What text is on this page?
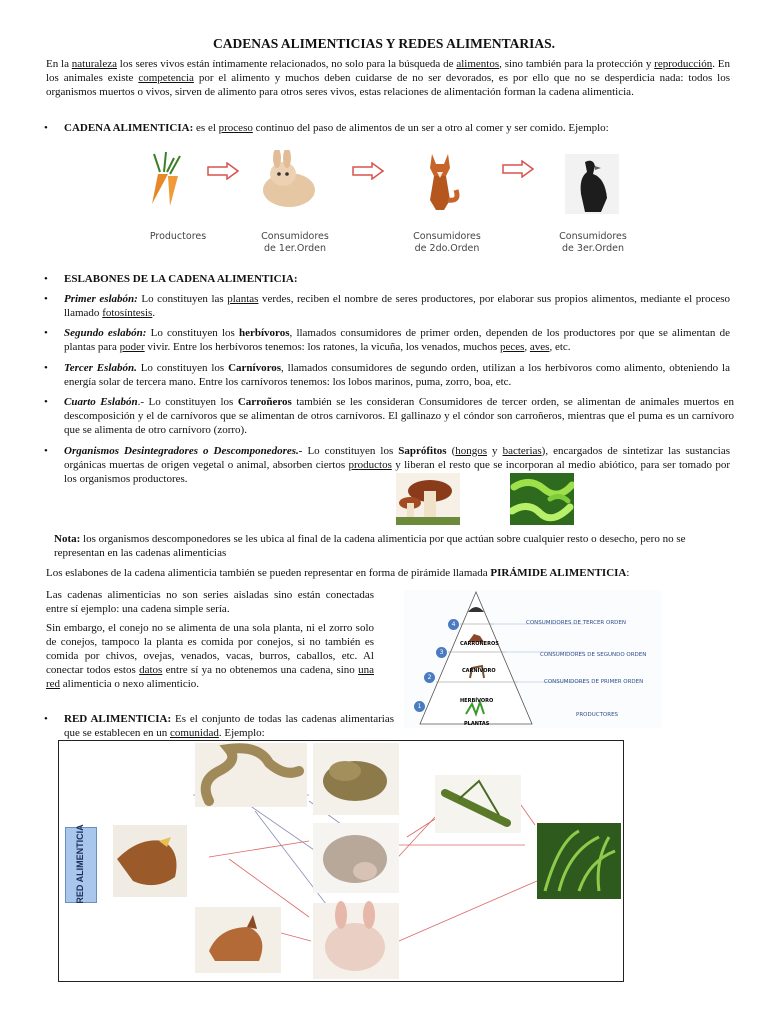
CADENAS ALIMENTICIAS Y REDES ALIMENTARIAS.
En la naturaleza los seres vivos están íntimamente relacionados, no solo para la búsqueda de alimentos, sino también para la protección y reproducción. En los animales existe competencia por el alimento y muchos deben cuidarse de no ser devorados, es por ello que no se desperdicia nada: todos los organismos muertos o vivos, sirven de alimento para otros seres vivos, estas relaciones de alimentación forman la cadena alimenticia.
• CADENA ALIMENTICIA: es el proceso continuo del paso de alimentos de un ser a otro al comer y ser comido. Ejemplo:
Productores	Consumidores
de 1er.Orden
Consumidores
de 2do.Orden
Consumidores
de 3er.Orden
• ESLABONES DE LA CADENA ALIMENTICIA:
• Primer eslabón: Lo constituyen las plantas verdes, reciben el nombre de seres productores, por elaborar sus propios alimentos, mediante el proceso llamado fotosíntesis.
• Segundo eslabón: Lo constituyen los herbívoros, llamados consumidores de primer orden, dependen de los productores por que se alimentan de plantas para poder vivir. Entre los herbívoros tenemos: los ratones, la vicuña, los venados, muchos peces, aves, etc.
• Tercer Eslabón. Lo constituyen los Carnívoros, llamados consumidores de segundo orden, utilizan a los herbívoros como alimento, obteniendo la energía solar de tercera mano. Entre los carnívoros tenemos: los lobos marinos, puma, zorro, boa, etc.
• Cuarto Eslabón.- Lo constituyen los Carroñeros también se les consideran Consumidores de tercer orden, se alimentan de animales muertos en descomposición y el de carnívoros que se alimentan de otros carnívoros. El gallinazo y el cóndor son carroñeros, mientras que el puma es un carnívoro que se alimenta de otro carnívoro (zorro).
• Organismos Desintegradores o Descomponedores.- Lo constituyen los Saprófitos (hongos y bacterias), encargados de sintetizar las sustancias orgánicas muertas de origen vegetal o animal, absorben ciertos productos y liberan el resto que se incorporan al medio abiótico, para ser tomado por los organismos productores.
Nota: los organismos descomponedores se les ubica al final de la cadena alimenticia por que actúan sobre cualquier resto o desecho, pero no se representan en las cadenas alimenticias
Los eslabones de la cadena alimenticia también se pueden representar en forma de pirámide llamada PIRÁMIDE ALIMENTICIA:
Las cadenas alimenticias no son series aisladas sino están conectadas entre sí ejemplo: una cadena simple sería.
Sin embargo, el conejo no se alimenta de una sola planta, ni el zorro solo de conejos, tampoco la planta es comida por conejos, si no también es comida por chivos, ovejas, venados, vacas, burros, caballos, etc. Al conectar todos estos datos entre sí ya no obtenemos una cadena, sino una red alimenticia o nexo alimenticio.
• RED ALIMENTICIA: Es el conjunto de todas las cadenas alimentarias que se establecen en un comunidad. Ejemplo:
4
3
2
1
CARROÑEROS
CARNÍVORO
HERBÍVORO
PLANTAS
CONSUMIDORES DE TERCER ORDEN
CONSUMIDORES DE SEGUNDO ORDEN
CONSUMIDORES DE PRIMER ORDEN
PRODUCTORES
RED ALIMENTICIA
